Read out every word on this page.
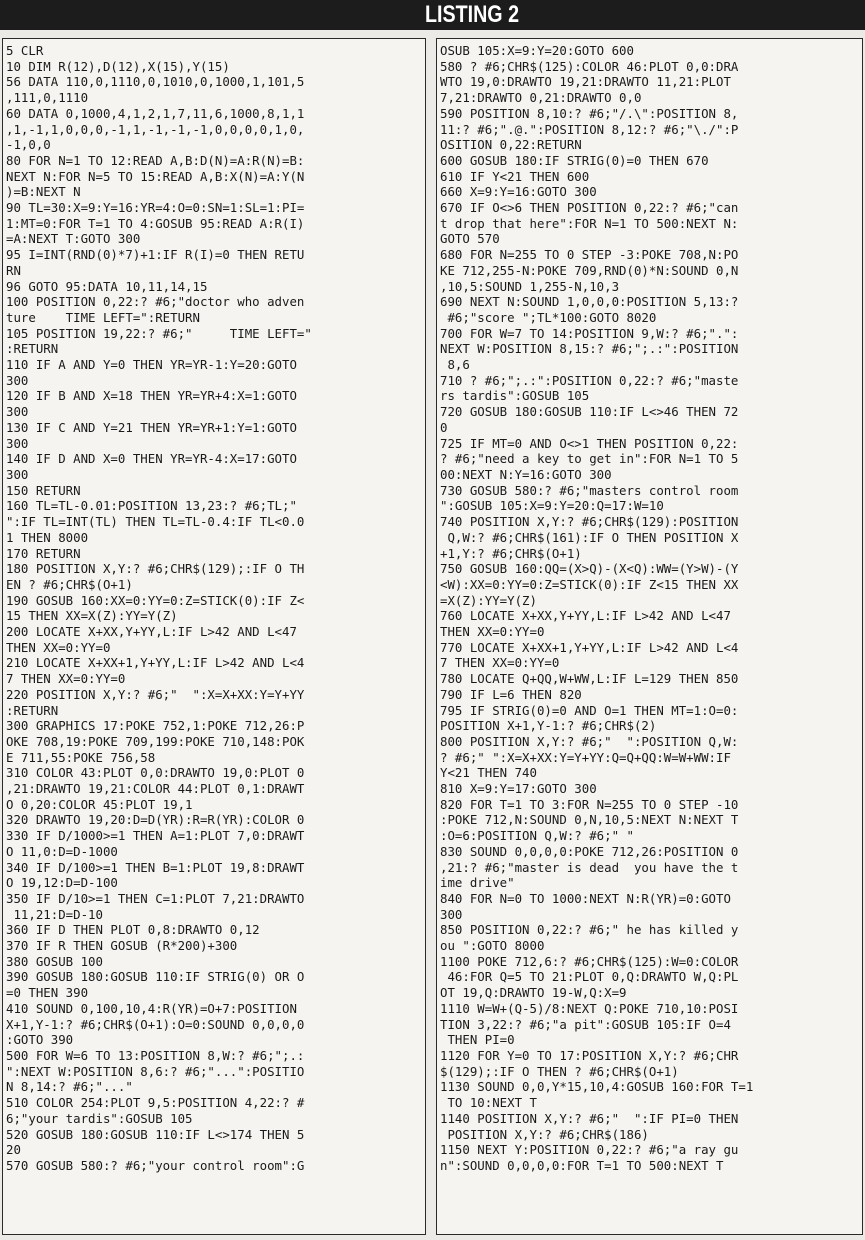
LISTING 2
5 CLR
10 DIM R(12),D(12),X(15),Y(15)
56 DATA 110,0,1110,0,1010,0,1000,1,101,5
,111,0,1110
60 DATA 0,1000,4,1,2,1,7,11,6,1000,8,1,1
,1,-1,1,0,0,0,-1,1,-1,-1,-1,0,0,0,0,1,0,
-1,0,0
80 FOR N=1 TO 12:READ A,B:D(N)=A:R(N)=B:
NEXT N:FOR N=5 TO 15:READ A,B:X(N)=A:Y(N
)=B:NEXT N
90 TL=30:X=9:Y=16:YR=4:O=0:SN=1:SL=1:PI=
1:MT=0:FOR T=1 TO 4:GOSUB 95:READ A:R(I)
=A:NEXT T:GOTO 300
95 I=INT(RND(0)*7)+1:IF R(I)=0 THEN RETU
RN
96 GOTO 95:DATA 10,11,14,15
100 POSITION 0,22:? #6;"doctor who adven
ture    TIME LEFT=":RETURN
105 POSITION 19,22:? #6;"     TIME LEFT="
:RETURN
110 IF A AND Y=0 THEN YR=YR-1:Y=20:GOTO
300
120 IF B AND X=18 THEN YR=YR+4:X=1:GOTO
300
130 IF C AND Y=21 THEN YR=YR+1:Y=1:GOTO
300
140 IF D AND X=0 THEN YR=YR-4:X=17:GOTO
300
150 RETURN
160 TL=TL-0.01:POSITION 13,23:? #6;TL;"
":IF TL=INT(TL) THEN TL=TL-0.4:IF TL<0.0
1 THEN 8000
170 RETURN
180 POSITION X,Y:? #6;CHR$(129);:IF O TH
EN ? #6;CHR$(O+1)
190 GOSUB 160:XX=0:YY=0:Z=STICK(0):IF Z<
15 THEN XX=X(Z):YY=Y(Z)
200 LOCATE X+XX,Y+YY,L:IF L>42 AND L<47
THEN XX=0:YY=0
210 LOCATE X+XX+1,Y+YY,L:IF L>42 AND L<4
7 THEN XX=0:YY=0
220 POSITION X,Y:? #6;"  ":X=X+XX:Y=Y+YY
:RETURN
300 GRAPHICS 17:POKE 752,1:POKE 712,26:P
OKE 708,19:POKE 709,199:POKE 710,148:POK
E 711,55:POKE 756,58
310 COLOR 43:PLOT 0,0:DRAWTO 19,0:PLOT 0
,21:DRAWTO 19,21:COLOR 44:PLOT 0,1:DRAWT
O 0,20:COLOR 45:PLOT 19,1
320 DRAWTO 19,20:D=D(YR):R=R(YR):COLOR 0
330 IF D/1000>=1 THEN A=1:PLOT 7,0:DRAWT
O 11,0:D=D-1000
340 IF D/100>=1 THEN B=1:PLOT 19,8:DRAWT
O 19,12:D=D-100
350 IF D/10>=1 THEN C=1:PLOT 7,21:DRAWTO
11,21:D=D-10
360 IF D THEN PLOT 0,8:DRAWTO 0,12
370 IF R THEN GOSUB (R*200)+300
380 GOSUB 100
390 GOSUB 180:GOSUB 110:IF STRIG(0) OR O
=0 THEN 390
410 SOUND 0,100,10,4:R(YR)=O+7:POSITION
X+1,Y-1:? #6;CHR$(O+1):O=0:SOUND 0,0,0,0
:GOTO 390
500 FOR W=6 TO 13:POSITION 8,W:? #6;";.:
":NEXT W:POSITION 8,6:? #6;"...":POSITIO
N 8,14:? #6;"..."
510 COLOR 254:PLOT 9,5:POSITION 4,22:? #
6;"your tardis":GOSUB 105
520 GOSUB 180:GOSUB 110:IF L<>174 THEN 5
20
570 GOSUB 580:? #6;"your control room":G
OSUB 105:X=9:Y=20:GOTO 600
580 ? #6;CHR$(125):COLOR 46:PLOT 0,0:DRA
WTO 19,0:DRAWTO 19,21:DRAWTO 11,21:PLOT
7,21:DRAWTO 0,21:DRAWTO 0,0
590 POSITION 8,10:? #6;"/.\":POSITION 8,
11:? #6;".@.":POSITION 8,12:? #6;"\./":P
OSITION 0,22:RETURN
600 GOSUB 180:IF STRIG(0)=0 THEN 670
610 IF Y<21 THEN 600
660 X=9:Y=16:GOTO 300
670 IF O<>6 THEN POSITION 0,22:? #6;"can
t drop that here":FOR N=1 TO 500:NEXT N:
GOTO 570
680 FOR N=255 TO 0 STEP -3:POKE 708,N:PO
KE 712,255-N:POKE 709,RND(0)*N:SOUND 0,N
,10,5:SOUND 1,255-N,10,3
690 NEXT N:SOUND 1,0,0,0:POSITION 5,13:?
#6;"score ";TL*100:GOTO 8020
700 FOR W=7 TO 14:POSITION 9,W:? #6;".":
NEXT W:POSITION 8,15:? #6;";.:":POSITION
8,6
710 ? #6;";.:":POSITION 0,22:? #6;"maste
rs tardis":GOSUB 105
720 GOSUB 180:GOSUB 110:IF L<>46 THEN 72
0
725 IF MT=0 AND O<>1 THEN POSITION 0,22:
? #6;"need a key to get in":FOR N=1 TO 5
00:NEXT N:Y=16:GOTO 300
730 GOSUB 580:? #6;"masters control room
":GOSUB 105:X=9:Y=20:Q=17:W=10
740 POSITION X,Y:? #6;CHR$(129):POSITION
Q,W:? #6;CHR$(161):IF O THEN POSITION X
+1,Y:? #6;CHR$(O+1)
750 GOSUB 160:QQ=(X>Q)-(X<Q):WW=(Y>W)-(Y
<W):XX=0:YY=0:Z=STICK(0):IF Z<15 THEN XX
=X(Z):YY=Y(Z)
760 LOCATE X+XX,Y+YY,L:IF L>42 AND L<47
THEN XX=0:YY=0
770 LOCATE X+XX+1,Y+YY,L:IF L>42 AND L<4
7 THEN XX=0:YY=0
780 LOCATE Q+QQ,W+WW,L:IF L=129 THEN 850
790 IF L=6 THEN 820
795 IF STRIG(0)=0 AND O=1 THEN MT=1:O=0:
POSITION X+1,Y-1:? #6;CHR$(2)
800 POSITION X,Y:? #6;"  ":POSITION Q,W:
? #6;" ":X=X+XX:Y=Y+YY:Q=Q+QQ:W=W+WW:IF
Y<21 THEN 740
810 X=9:Y=17:GOTO 300
820 FOR T=1 TO 3:FOR N=255 TO 0 STEP -10
:POKE 712,N:SOUND 0,N,10,5:NEXT N:NEXT T
:O=6:POSITION Q,W:? #6;" "
830 SOUND 0,0,0,0:POKE 712,26:POSITION 0
,21:? #6;"master is dead  you have the t
ime drive"
840 FOR N=0 TO 1000:NEXT N:R(YR)=0:GOTO
300
850 POSITION 0,22:? #6;" he has killed y
ou ":GOTO 8000
1100 POKE 712,6:? #6;CHR$(125):W=0:COLOR
46:FOR Q=5 TO 21:PLOT 0,Q:DRAWTO W,Q:PL
OT 19,Q:DRAWTO 19-W,Q:X=9
1110 W=W+(Q-5)/8:NEXT Q:POKE 710,10:POSI
TION 3,22:? #6;"a pit":GOSUB 105:IF O=4
THEN PI=0
1120 FOR Y=0 TO 17:POSITION X,Y:? #6;CHR
$(129);:IF O THEN ? #6;CHR$(O+1)
1130 SOUND 0,0,Y*15,10,4:GOSUB 160:FOR T=1
TO 10:NEXT T
1140 POSITION X,Y:? #6;"  ":IF PI=0 THEN
POSITION X,Y:? #6;CHR$(186)
1150 NEXT Y:POSITION 0,22:? #6;"a ray gu
n":SOUND 0,0,0,0:FOR T=1 TO 500:NEXT T
